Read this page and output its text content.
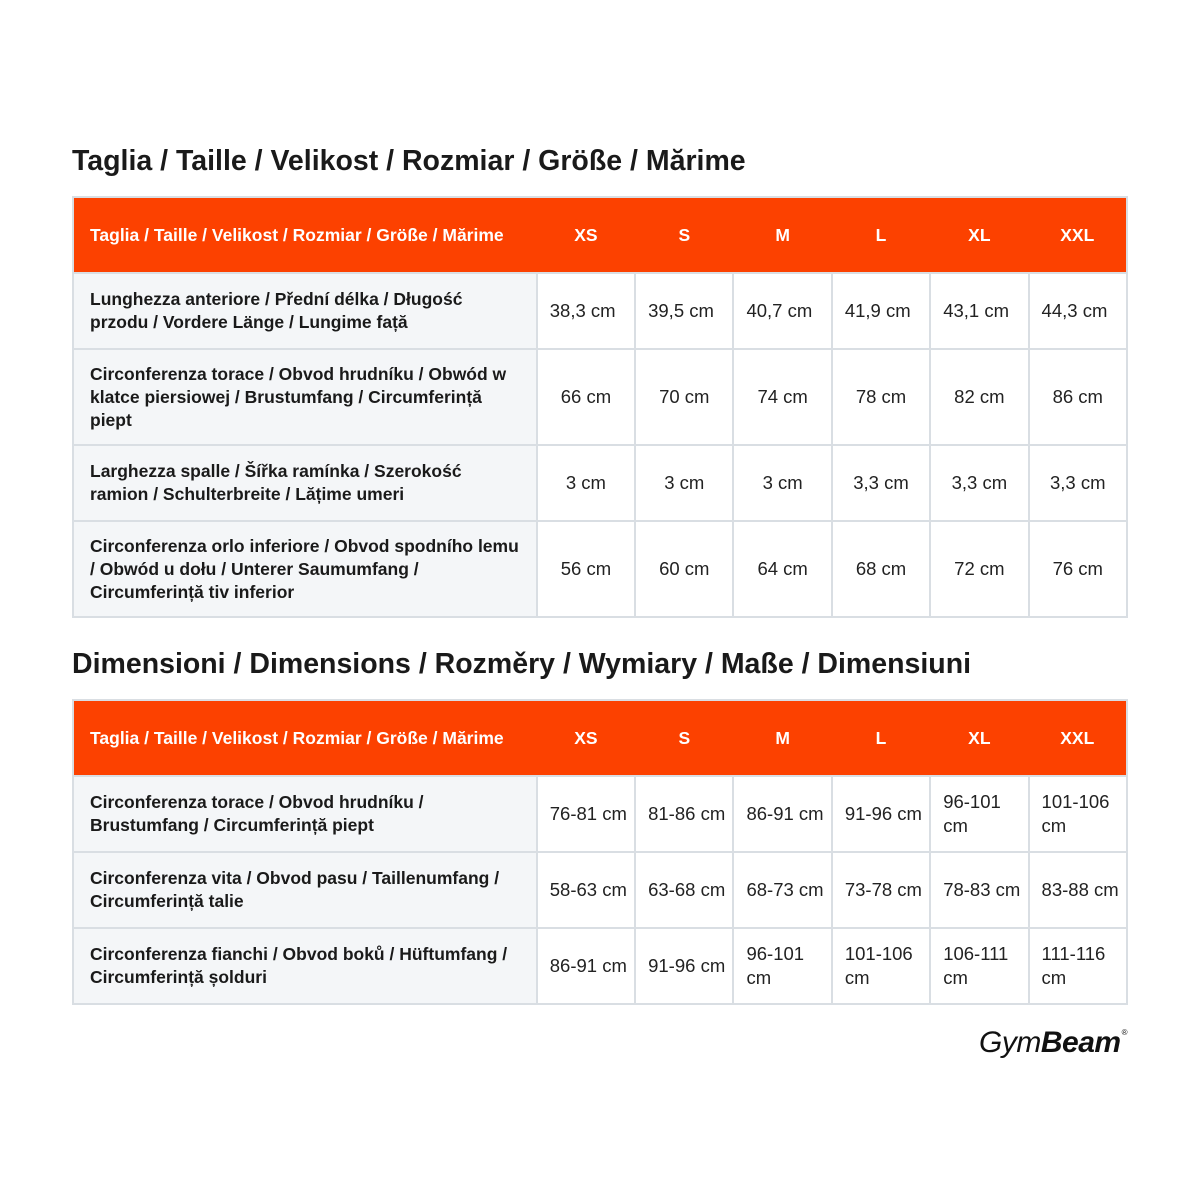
Taglia / Taille / Velikost / Rozmiar / Größe / Mărime
Taglia / Taille / Velikost / Rozmiar / Größe / Mărime	XS	S	M	L	XL	XXL
Lunghezza anteriore / Přední délka / Długość przodu / Vordere Länge / Lungime față	38,3 cm	39,5 cm	40,7 cm	41,9 cm	43,1 cm	44,3 cm
Circonferenza torace / Obvod hrudníku / Obwód w klatce piersiowej / Brustumfang / Circumferință piept	66 cm	70 cm	74 cm	78 cm	82 cm	86 cm
Larghezza spalle / Šířka ramínka / Szerokość ramion / Schulterbreite / Lățime umeri	3 cm	3 cm	3 cm	3,3 cm	3,3 cm	3,3 cm
Circonferenza orlo inferiore / Obvod spodního lemu / Obwód u dołu / Unterer Saumumfang / Circumferință tiv inferior	56 cm	60 cm	64 cm	68 cm	72 cm	76 cm
Dimensioni / Dimensions / Rozměry / Wymiary / Maße / Dimensiuni
Taglia / Taille / Velikost / Rozmiar / Größe / Mărime	XS	S	M	L	XL	XXL
Circonferenza torace / Obvod hrudníku / Brustumfang / Circumferință piept	76-81 cm	81-86 cm	86-91 cm	91-96 cm	96-101 cm	101-106 cm
Circonferenza vita / Obvod pasu / Taillenumfang / Circumferință talie	58-63 cm	63-68 cm	68-73 cm	73-78 cm	78-83 cm	83-88 cm
Circonferenza fianchi / Obvod boků / Hüftumfang / Circumferință șolduri	86-91 cm	91-96 cm	96-101 cm	101-106 cm	106-111 cm	111-116 cm
GymBeam®
